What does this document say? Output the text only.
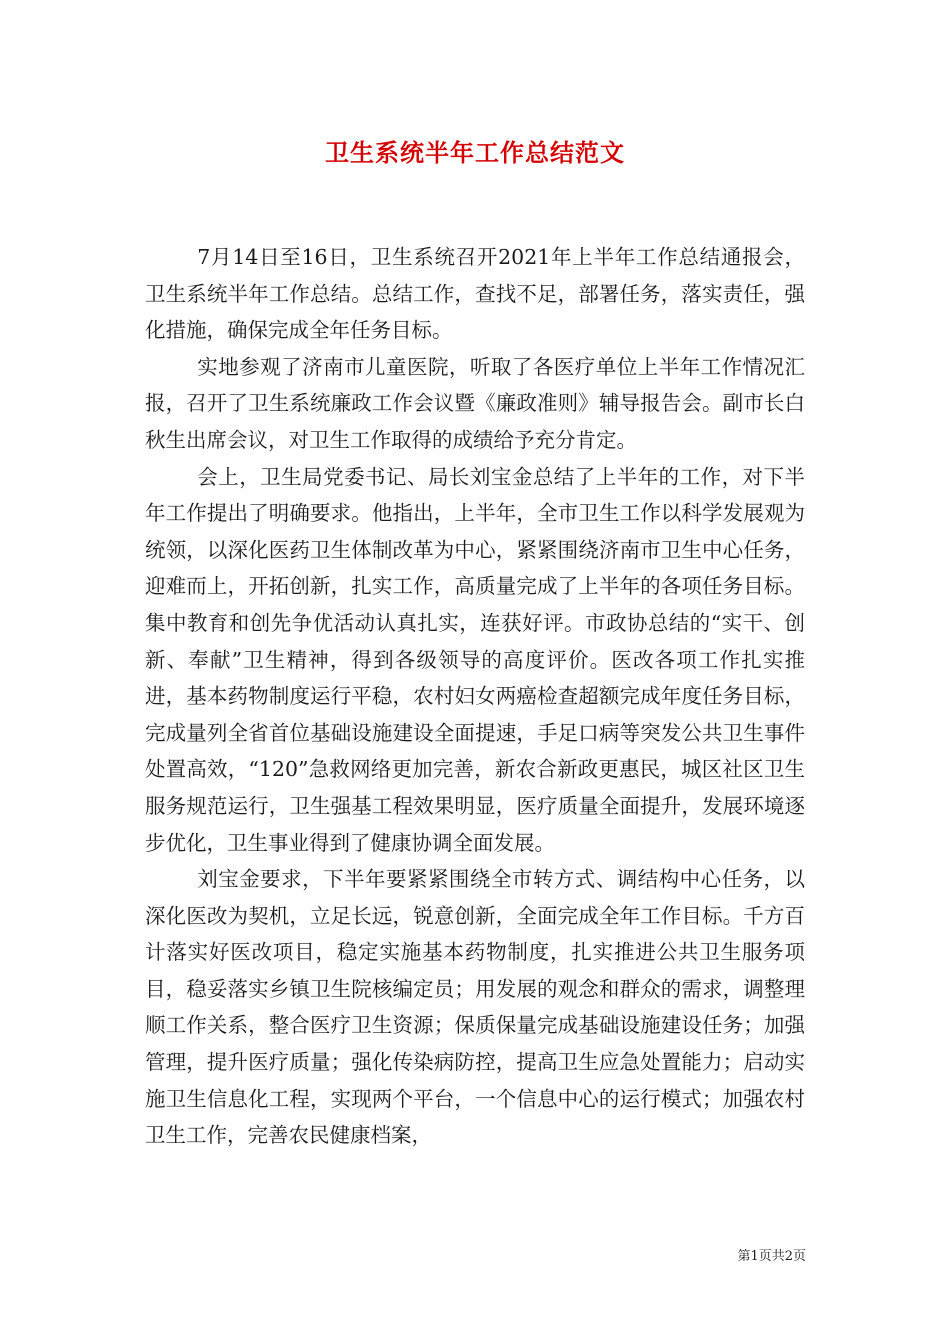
卫生系统半年工作总结范文

7月14日至16日，卫生系统召开2021年上半年工作总结通报会，卫生系统半年工作总结。总结工作，查找不足，部署任务，落实责任，强化措施，确保完成全年任务目标。

实地参观了济南市儿童医院，听取了各医疗单位上半年工作情况汇报，召开了卫生系统廉政工作会议暨《廉政准则》辅导报告会。副市长白秋生出席会议，对卫生工作取得的成绩给予充分肯定。

会上，卫生局党委书记、局长刘宝金总结了上半年的工作，对下半年工作提出了明确要求。他指出，上半年，全市卫生工作以科学发展观为统领，以深化医药卫生体制改革为中心，紧紧围绕济南市卫生中心任务，迎难而上，开拓创新，扎实工作，高质量完成了上半年的各项任务目标。集中教育和创先争优活动认真扎实，连获好评。市政协总结的“实干、创新、奉献”卫生精神，得到各级领导的高度评价。医改各项工作扎实推进，基本药物制度运行平稳，农村妇女两癌检查超额完成年度任务目标，完成量列全省首位基础设施建设全面提速，手足口病等突发公共卫生事件处置高效，“120”急救网络更加完善，新农合新政更惠民，城区社区卫生服务规范运行，卫生强基工程效果明显，医疗质量全面提升，发展环境逐步优化，卫生事业得到了健康协调全面发展。

刘宝金要求，下半年要紧紧围绕全市转方式、调结构中心任务，以深化医改为契机，立足长远，锐意创新，全面完成全年工作目标。千方百计落实好医改项目，稳定实施基本药物制度，扎实推进公共卫生服务项目，稳妥落实乡镇卫生院核编定员；用发展的观念和群众的需求，调整理顺工作关系，整合医疗卫生资源；保质保量完成基础设施建设任务；加强管理，提升医疗质量；强化传染病防控，提高卫生应急处置能力；启动实施卫生信息化工程，实现两个平台，一个信息中心的运行模式；加强农村卫生工作，完善农民健康档案，

第1页共2页
